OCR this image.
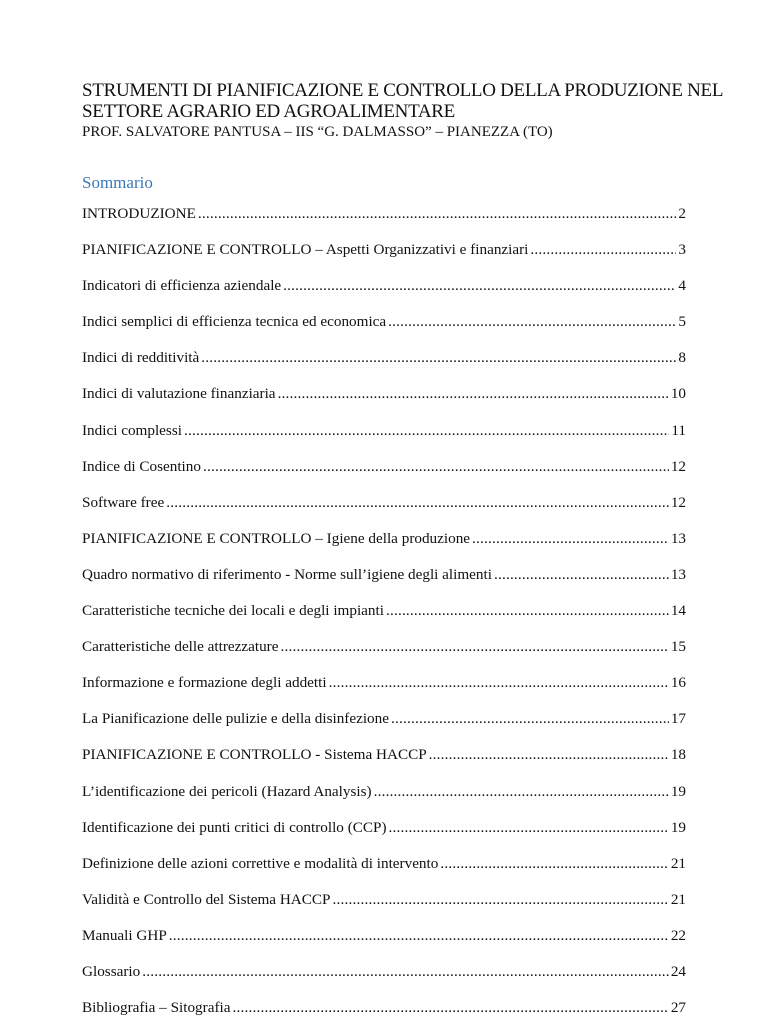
STRUMENTI DI PIANIFICAZIONE E CONTROLLO DELLA PRODUZIONE NEL
SETTORE AGRARIO ED AGROALIMENTARE
PROF. SALVATORE PANTUSA – IIS “G. DALMASSO” – PIANEZZA (TO)
Sommario
INTRODUZIONE .....	2
PIANIFICAZIONE E CONTROLLO – Aspetti Organizzativi e finanziari .....	3
Indicatori di efficienza aziendale .....	4
Indici semplici di efficienza tecnica ed economica .....	5
Indici di redditività .....	8
Indici di valutazione finanziaria .....	10
Indici complessi .....	11
Indice di Cosentino .....	12
Software free .....	12
PIANIFICAZIONE E CONTROLLO – Igiene della produzione .....	13
Quadro normativo di riferimento - Norme sull’igiene degli alimenti .....	13
Caratteristiche tecniche dei locali e degli impianti .....	14
Caratteristiche delle attrezzature .....	15
Informazione e formazione degli addetti .....	16
La Pianificazione delle pulizie e della disinfezione .....	17
PIANIFICAZIONE E CONTROLLO - Sistema HACCP .....	18
L’identificazione dei pericoli (Hazard Analysis) .....	19
Identificazione dei punti critici di controllo (CCP) .....	19
Definizione delle azioni correttive e modalità di intervento .....	21
Validità e Controllo del Sistema HACCP .....	21
Manuali GHP .....	22
Glossario .....	24
Bibliografia – Sitografia .....	27
